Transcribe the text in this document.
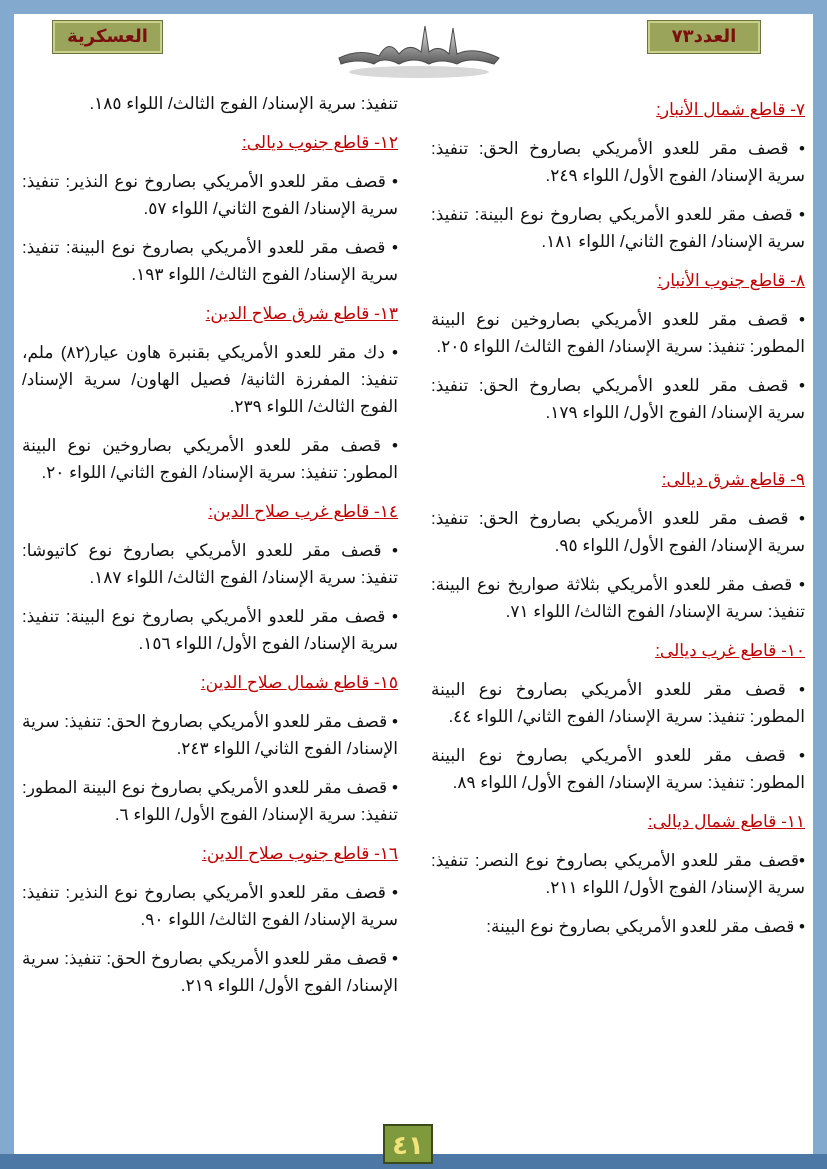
العدد٧٣
النقشبندية
العسكرية
٧- قاطع شمال الأنبار:
• قصف مقر للعدو الأمريكي بصاروخ الحق: تنفيذ: سرية الإسناد/ الفوج الأول/ اللواء ٢٤٩.
• قصف مقر للعدو الأمريكي بصاروخ نوع البينة: تنفيذ: سرية الإسناد/ الفوج الثاني/ اللواء ١٨١.
٨- قاطع جنوب الأنبار:
• قصف مقر للعدو الأمريكي بصاروخين نوع البينة المطور: تنفيذ: سرية الإسناد/ الفوج الثالث/ اللواء ٢٠٥.
• قصف مقر للعدو الأمريكي بصاروخ الحق: تنفيذ: سرية الإسناد/ الفوج الأول/ اللواء ١٧٩.
٩- قاطع شرق ديالى:
• قصف مقر للعدو الأمريكي بصاروخ الحق: تنفيذ: سرية الإسناد/ الفوج الأول/ اللواء ٩٥.
• قصف مقر للعدو الأمريكي بثلاثة صواريخ نوع البينة: تنفيذ: سرية الإسناد/ الفوج الثالث/ اللواء ٧١.
١٠- قاطع غرب ديالى:
• قصف مقر للعدو الأمريكي بصاروخ نوع البينة المطور: تنفيذ: سرية الإسناد/ الفوج الثاني/ اللواء ٤٤.
• قصف مقر للعدو الأمريكي بصاروخ نوع البينة المطور: تنفيذ: سرية الإسناد/ الفوج الأول/ اللواء ٨٩.
١١- قاطع شمال ديالى:
•قصف مقر للعدو الأمريكي بصاروخ نوع النصر: تنفيذ: سرية الإسناد/ الفوج الأول/ اللواء ٢١١.
• قصف مقر للعدو الأمريكي بصاروخ نوع البينة:
تنفيذ: سرية الإسناد/ الفوج الثالث/ اللواء ١٨٥.
١٢- قاطع جنوب ديالى:
• قصف مقر للعدو الأمريكي بصاروخ نوع النذير: تنفيذ: سرية الإسناد/ الفوج الثاني/ اللواء ٥٧.
• قصف مقر للعدو الأمريكي بصاروخ نوع البينة: تنفيذ: سرية الإسناد/ الفوج الثالث/ اللواء ١٩٣.
١٣- قاطع شرق صلاح الدين:
• دك مقر للعدو الأمريكي بقنبرة هاون عيار(٨٢) ملم، تنفيذ: المفرزة الثانية/ فصيل الهاون/ سرية الإسناد/ الفوج الثالث/ اللواء ٢٣٩.
• قصف مقر للعدو الأمريكي بصاروخين نوع البينة المطور: تنفيذ: سرية الإسناد/ الفوج الثاني/ اللواء ٢٠.
١٤- قاطع غرب صلاح الدين:
• قصف مقر للعدو الأمريكي بصاروخ نوع كاتيوشا: تنفيذ: سرية الإسناد/ الفوج الثالث/ اللواء ١٨٧.
• قصف مقر للعدو الأمريكي بصاروخ نوع البينة: تنفيذ: سرية الإسناد/ الفوج الأول/ اللواء ١٥٦.
١٥- قاطع شمال صلاح الدين:
• قصف مقر للعدو الأمريكي بصاروخ الحق: تنفيذ: سرية الإسناد/ الفوج الثاني/ اللواء ٢٤٣.
• قصف مقر للعدو الأمريكي بصاروخ نوع البينة المطور: تنفيذ: سرية الإسناد/ الفوج الأول/ اللواء ٦.
١٦- قاطع جنوب صلاح الدين:
• قصف مقر للعدو الأمريكي بصاروخ نوع النذير: تنفيذ: سرية الإسناد/ الفوج الثالث/ اللواء ٩٠.
• قصف مقر للعدو الأمريكي بصاروخ الحق: تنفيذ: سرية الإسناد/ الفوج الأول/ اللواء ٢١٩.
٤١
